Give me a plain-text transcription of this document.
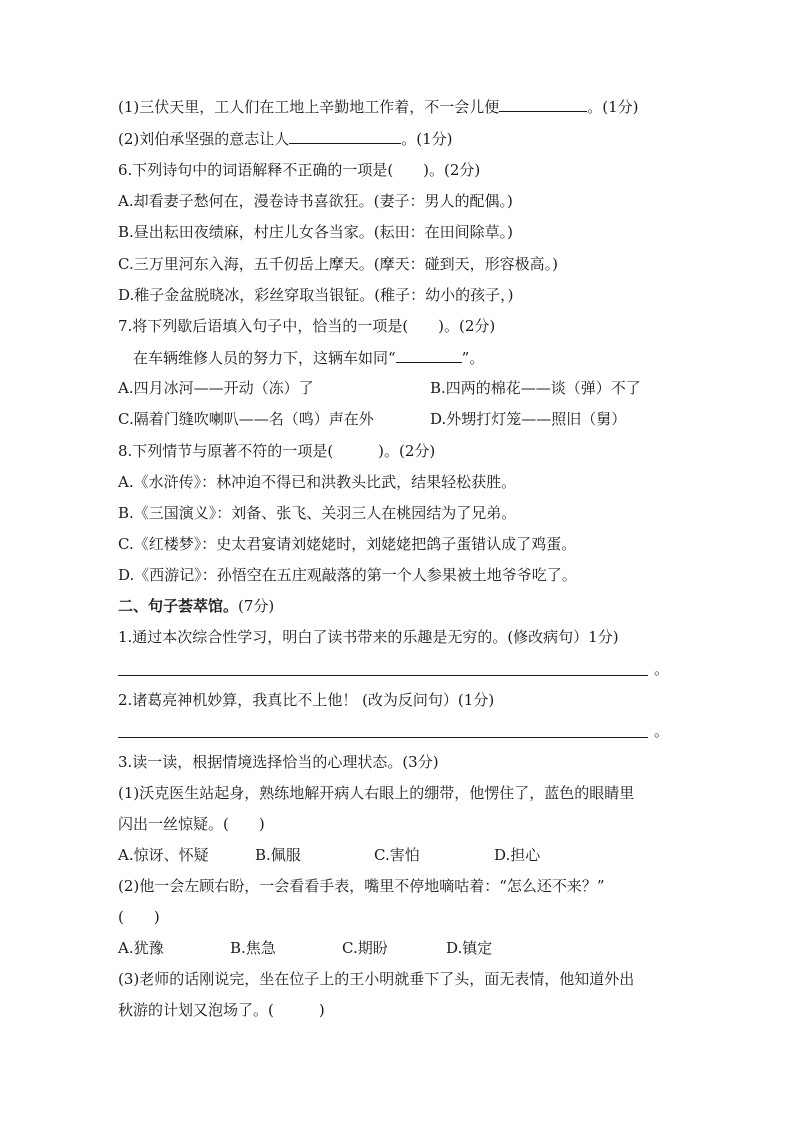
(1)三伏天里，工人们在工地上辛勤地工作着，不一会儿便	。(1分)
(2)刘伯承坚强的意志让人	。(1分)
6.下列诗句中的词语解释不正确的一项是(　　)。(2分)
A.却看妻子愁何在，漫卷诗书喜欲狂。(妻子：男人的配偶。)
B.昼出耘田夜绩麻，村庄儿女各当家。(耘田：在田间除草。)
C.三万里河东入海，五千仞岳上摩天。(摩天：碰到天，形容极高。)
D.稚子金盆脱晓冰，彩丝穿取当银钲。(稚子：幼小的孩子，)
7.将下列歇后语填入句子中，恰当的一项是(　　)。(2分)
在车辆维修人员的努力下，这辆车如同“	”。
A.四月冰河——开动（冻）了	B.四两的棉花——谈（弹）不了
C.隔着门缝吹喇叭——名（鸣）声在外	D.外甥打灯笼——照旧（舅）
8.下列情节与原著不符的一项是(　　　)。(2分)
A.《水浒传》：林冲迫不得已和洪教头比武，结果轻松获胜。
B.《三国演义》：刘备、张飞、关羽三人在桃园结为了兄弟。
C.《红楼梦》：史太君宴请刘姥姥时，刘姥姥把鸽子蛋错认成了鸡蛋。
D.《西游记》：孙悟空在五庄观敲落的第一个人参果被土地爷爷吃了。
二、句子荟萃馆。(7分)
1.通过本次综合性学习，明白了读书带来的乐趣是无穷的。(修改病句）1分)
。
2.诸葛亮神机妙算，我真比不上他！ (改为反问句）(1分)
。
3.读一读，根据情境选择恰当的心理状态。(3分)
(1)沃克医生站起身，熟练地解开病人右眼上的绷带，他愣住了，蓝色的眼睛里
闪出一丝惊疑。(　　)
A.惊讶、怀疑	B.佩服	C.害怕	D.担心
(2)他一会左顾右盼，一会看看手表，嘴里不停地嘀咕着：“怎么还不来？”
(　　)
A.犹豫	B.焦急	C.期盼	D.镇定
(3)老师的话刚说完，坐在位子上的王小明就垂下了头，面无表情，他知道外出
秋游的计划又泡场了。(　　　)
